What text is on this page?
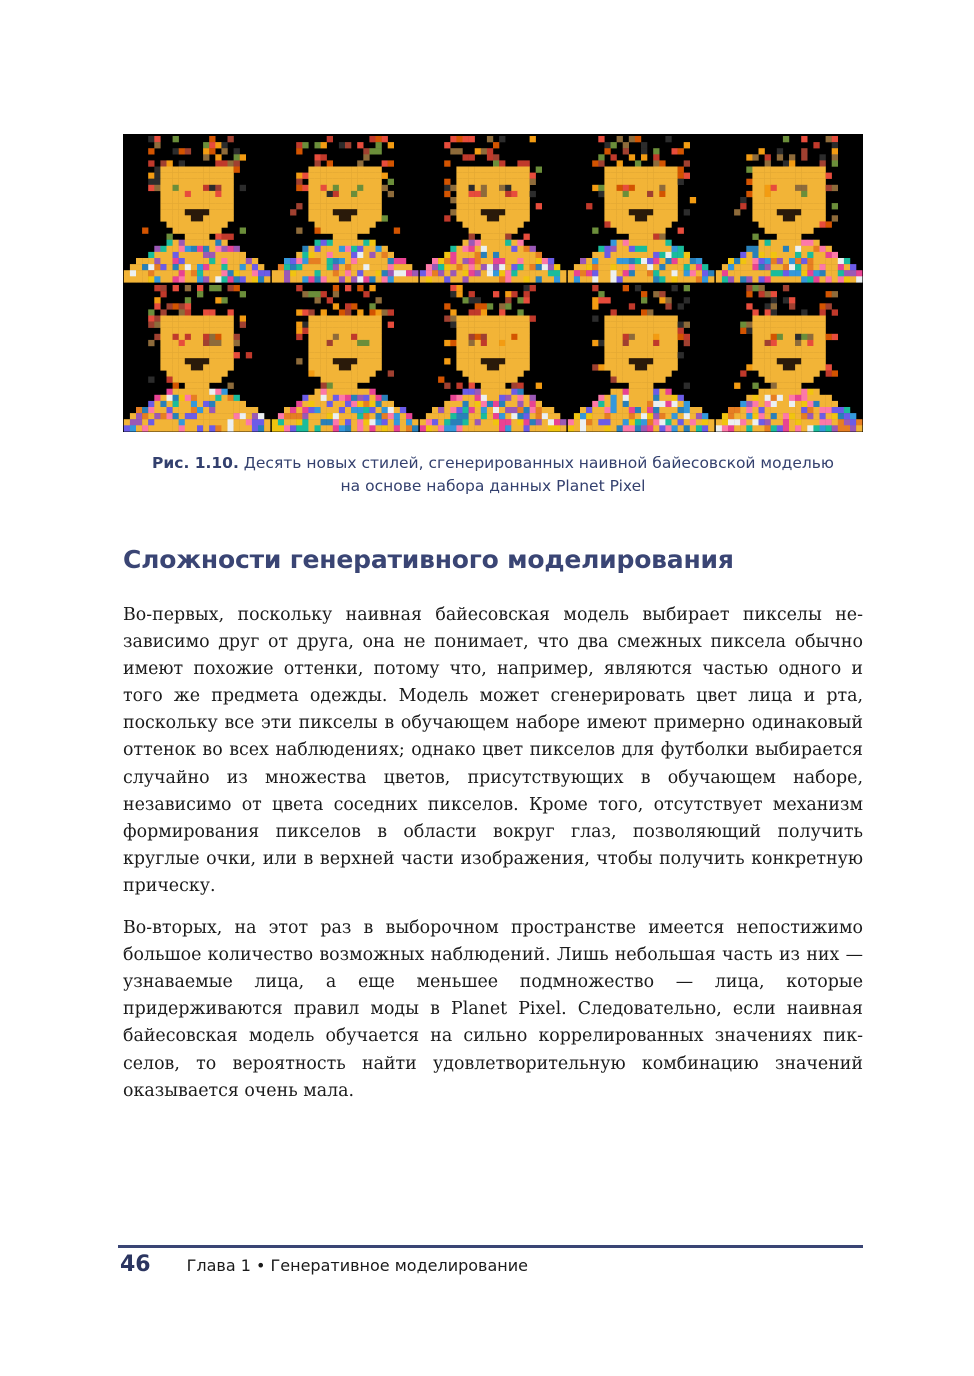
Рис. 1.10. Десять новых стилей, сгенерированных наивной байесовской моделью
на основе набора данных Planet Pixel
Сложности генеративного моделирования

Во-первых, поскольку наивная байесовская модель выбирает пикселы независимо друг от друга, она не понимает, что два смежных пиксела обычно имеют похожие оттенки, потому что, например, являются частью одного и того же предмета одежды. Модель может сгенерировать цвет лица и рта, поскольку все эти пикселы в обучающем наборе имеют примерно одинаковый оттенок во всех наблюдениях; однако цвет пикселов для футболки выбирается случайно из множества цветов, присутствующих в обучающем наборе, независимо от цвета соседних пикселов. Кроме того, отсутствует механизм формирования пикселов в области вокруг глаз, позволяющий получить круглые очки, или в верхней части изображения, чтобы получить конкретную прическу.

Во-вторых, на этот раз в выборочном пространстве имеется непостижимо большое количество возможных наблюдений. Лишь небольшая часть из них — узнаваемые лица, а еще меньшее подмножество — лица, которые придерживаются правил моды в Planet Pixel. Следовательно, если наивная байесовская модель обучается на сильно коррелированных значениях пикселов, то вероятность найти удовлетворительную комбинацию значений оказывается очень мала.

46 Глава 1 • Генеративное моделирование
